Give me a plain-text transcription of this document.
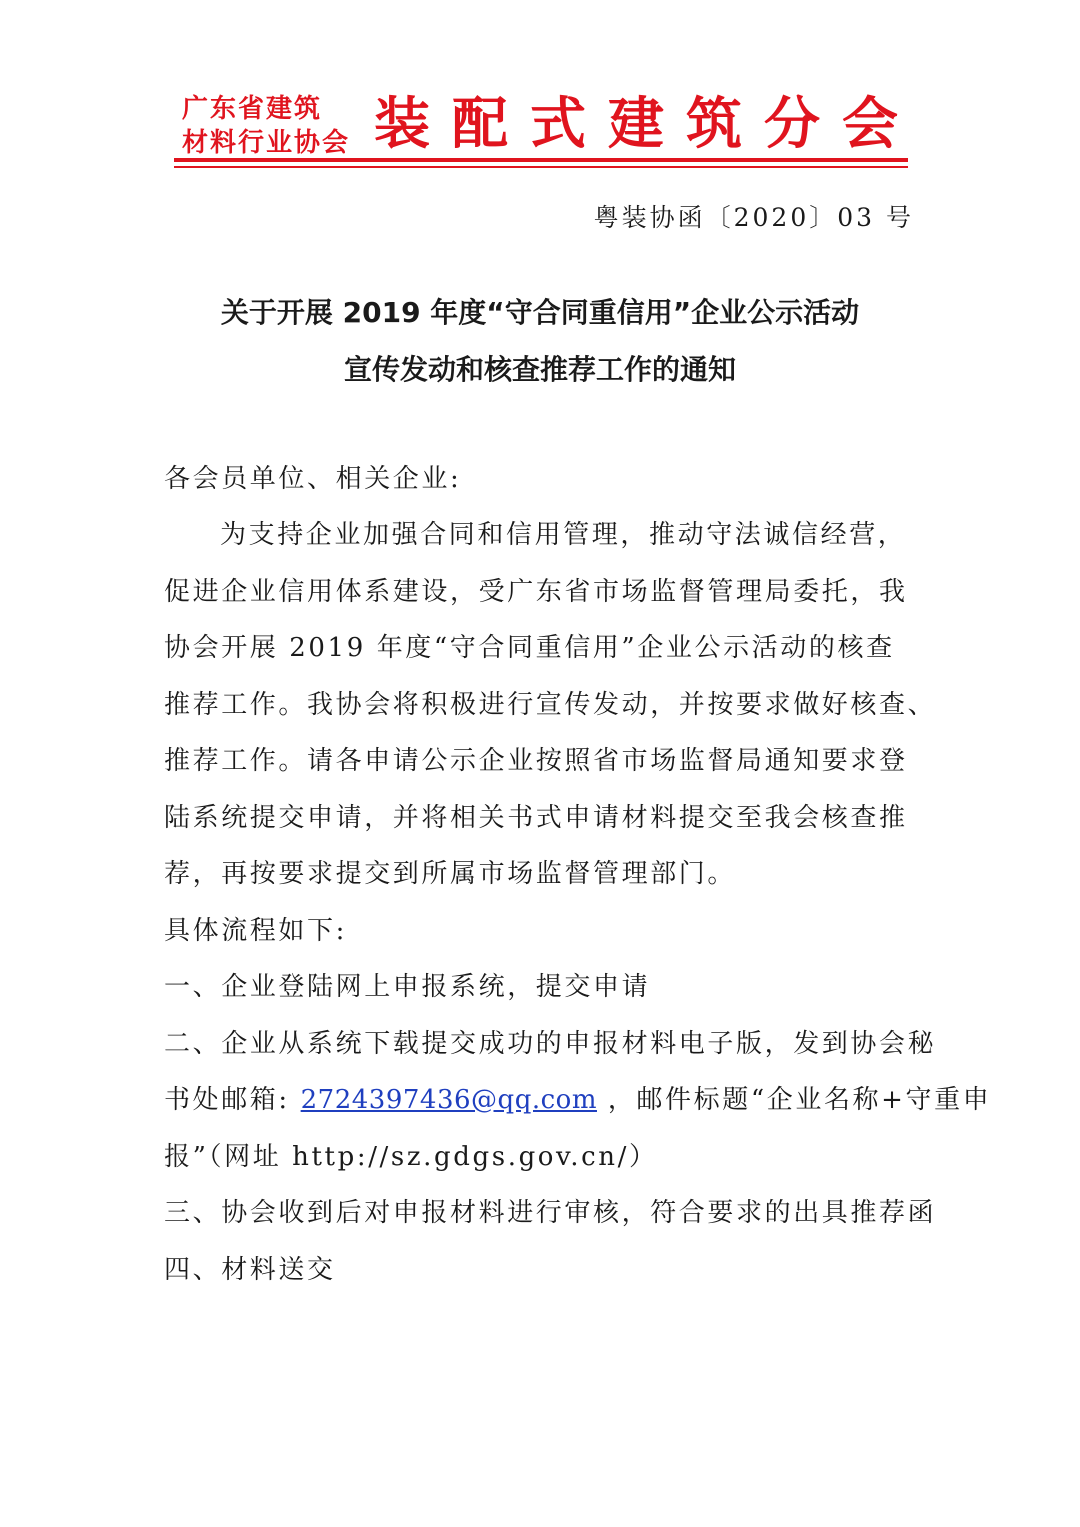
广东省建筑
材料行业协会 装配式建筑分会
粤装协函〔2020〕03 号
关于开展 2019 年度“守合同重信用”企业公示活动
宣传发动和核查推荐工作的通知
各会员单位、相关企业:
为支持企业加强合同和信用管理，推动守法诚信经营，
促进企业信用体系建设，受广东省市场监督管理局委托，我
协会开展 2019 年度“守合同重信用”企业公示活动的核查
推荐工作。我协会将积极进行宣传发动，并按要求做好核查、
推荐工作。请各申请公示企业按照省市场监督局通知要求登
陆系统提交申请，并将相关书式申请材料提交至我会核查推
荐，再按要求提交到所属市场监督管理部门。
具体流程如下:
一、企业登陆网上申报系统，提交申请
二、企业从系统下载提交成功的申报材料电子版，发到协会秘
书处邮箱: 2724397436@qq.com ，邮件标题“企业名称+守重申
报”（网址 http://sz.gdgs.gov.cn/）
三、协会收到后对申报材料进行审核，符合要求的出具推荐函
四、材料送交
